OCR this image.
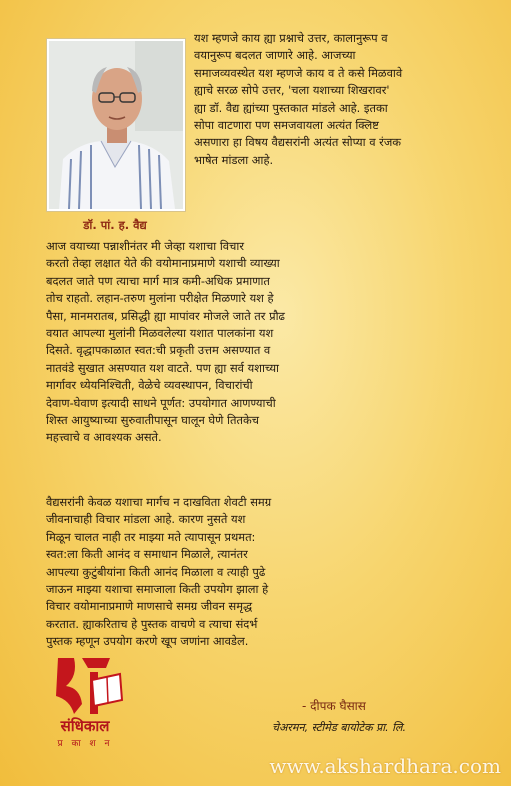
डॉ. पां. ह. वैद्य
यश म्हणजे काय ह्या प्रश्नाचे उत्तर, कालानुरूप व
वयानुरूप बदलत जाणारे आहे. आजच्या
समाजव्यवस्थेत यश म्हणजे काय व ते कसे मिळवावे
ह्याचे सरळ सोपे उत्तर, 'चला यशाच्या शिखरावर'
ह्या डॉ. वैद्य ह्यांच्या पुस्तकात मांडले आहे. इतका
सोपा वाटणारा पण समजवायला अत्यंत क्लिष्ट
असणारा हा विषय वैद्यसरांनी अत्यंत सोप्या व रंजक
भाषेत मांडला आहे.
आज वयाच्या पन्नाशीनंतर मी जेव्हा यशाचा विचार
करतो तेव्हा लक्षात येते की वयोमानाप्रमाणे यशाची व्याख्या
बदलत जाते पण त्याचा मार्ग मात्र कमी-अधिक प्रमाणात
तोच राहतो. लहान-तरुण मुलांना परीक्षेत मिळणारे यश हे
पैसा, मानमरातब, प्रसिद्धी ह्या मापांवर मोजले जाते तर प्रौढ
वयात आपल्या मुलांनी मिळवलेल्या यशात पालकांना यश
दिसते. वृद्धापकाळात स्वत:ची प्रकृती उत्तम असण्यात व
नातवंडे सुखात असण्यात यश वाटते. पण ह्या सर्व यशाच्या
मार्गावर ध्येयनिश्चिती, वेळेचे व्यवस्थापन, विचारांची
देवाण-घेवाण इत्यादी साधने पूर्णत: उपयोगात आणण्याची
शिस्त आयुष्याच्या सुरुवातीपासून घालून घेणे तितकेच
महत्त्वाचे व आवश्यक असते.
वैद्यसरांनी केवळ यशाचा मार्गच न दाखविता शेवटी समग्र
जीवनाचाही विचार मांडला आहे. कारण नुसते यश
मिळून चालत नाही तर माझ्या मते त्यापासून प्रथमत:
स्वत:ला किती आनंद व समाधान मिळाले, त्यानंतर
आपल्या कुटुंबीयांना किती आनंद मिळाला व त्याही पुढे
जाऊन माझ्या यशाचा समाजाला किती उपयोग झाला हे
विचार वयोमानाप्रमाणे माणसाचे समग्र जीवन समृद्ध
करतात. ह्याकरिताच हे पुस्तक वाचणे व त्याचा संदर्भ
पुस्तक म्हणून उपयोग करणे खूप जणांना आवडेल.
- दीपक घैसास
चेअरमन, स्टीमेड बायोटेक प्रा. लि.
संधिकाल
प्र का श न
www.akshardhara.com
